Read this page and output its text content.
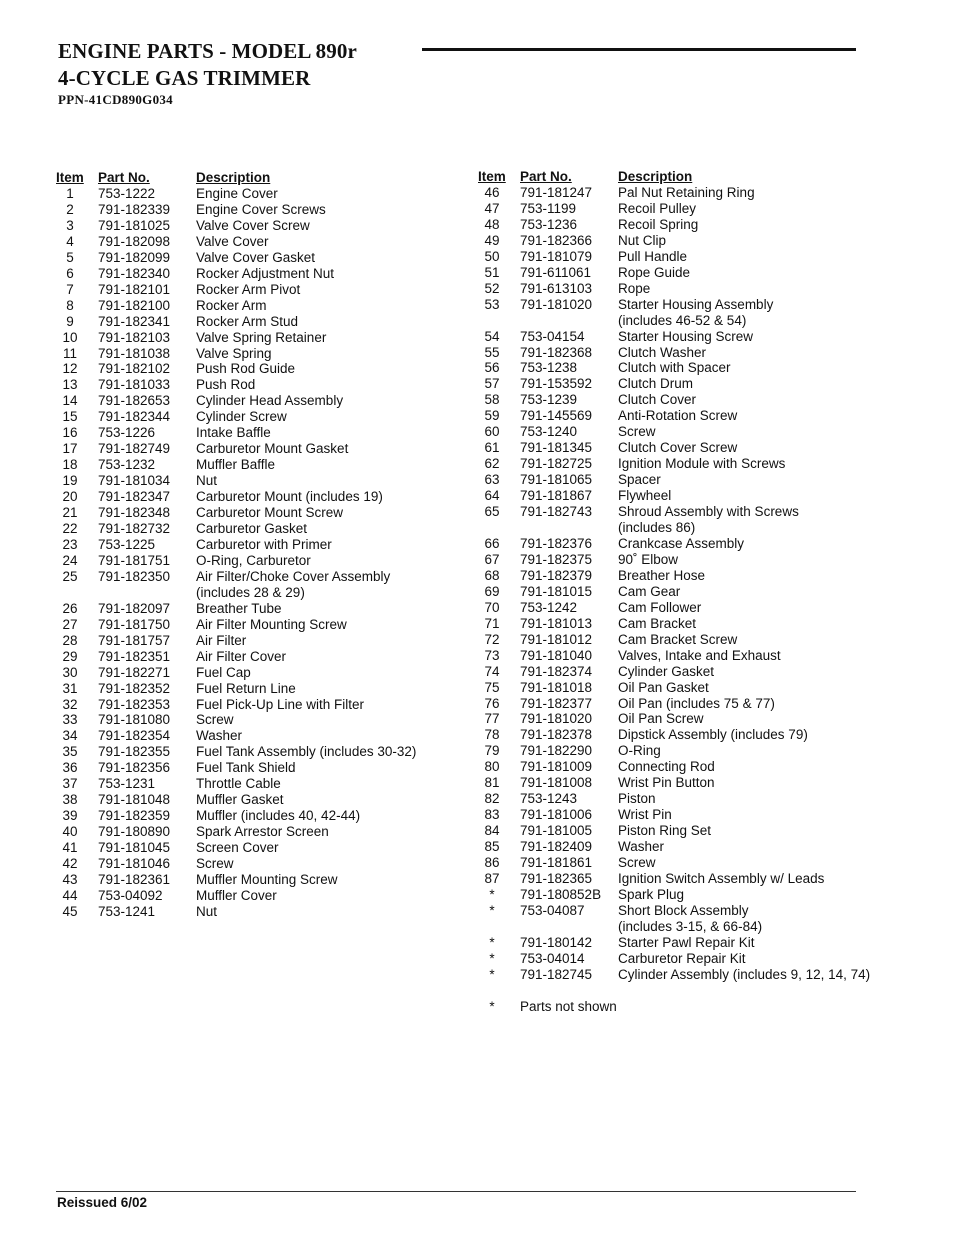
ENGINE PARTS - MODEL 890r
4-CYCLE GAS TRIMMER
PPN-41CD890G034
Item Part No.	Description
1	753-1222	Engine Cover
2	791-182339	Engine Cover Screws
3	791-181025	Valve Cover Screw
4	791-182098	Valve Cover
5	791-182099	Valve Cover Gasket
6	791-182340	Rocker Adjustment Nut
7	791-182101	Rocker Arm Pivot
8	791-182100	Rocker Arm
9	791-182341	Rocker Arm Stud
10	791-182103	Valve Spring Retainer
11	791-181038	Valve Spring
12	791-182102	Push Rod Guide
13	791-181033	Push Rod
14	791-182653	Cylinder Head Assembly
15	791-182344	Cylinder Screw
16	753-1226	Intake Baffle
17	791-182749	Carburetor Mount Gasket
18	753-1232	Muffler Baffle
19	791-181034	Nut
20	791-182347	Carburetor Mount (includes 19)
21	791-182348	Carburetor Mount Screw
22	791-182732	Carburetor Gasket
23	753-1225	Carburetor with Primer
24	791-181751	O-Ring, Carburetor
25	791-182350	Air Filter/Choke Cover Assembly
(includes 28 & 29)
26	791-182097	Breather Tube
27	791-181750	Air Filter Mounting Screw
28	791-181757	Air Filter
29	791-182351	Air Filter Cover
30	791-182271	Fuel Cap
31	791-182352	Fuel Return Line
32	791-182353	Fuel Pick-Up Line with Filter
33	791-181080	Screw
34	791-182354	Washer
35	791-182355	Fuel Tank Assembly (includes 30-32)
36	791-182356	Fuel Tank Shield
37	753-1231	Throttle Cable
38	791-181048	Muffler Gasket
39	791-182359	Muffler (includes 40, 42-44)
40	791-180890	Spark Arrestor Screen
41	791-181045	Screen Cover
42	791-181046	Screw
43	791-182361	Muffler Mounting Screw
44	753-04092	Muffler Cover
45	753-1241	Nut
Item Part No.	Description
46	791-181247	Pal Nut Retaining Ring
47	753-1199	Recoil Pulley
48	753-1236	Recoil Spring
49	791-182366	Nut Clip
50	791-181079	Pull Handle
51	791-611061	Rope Guide
52	791-613103	Rope
53	791-181020	Starter Housing Assembly
(includes 46-52 & 54)
54	753-04154	Starter Housing Screw
55	791-182368	Clutch Washer
56	753-1238	Clutch with Spacer
57	791-153592	Clutch Drum
58	753-1239	Clutch Cover
59	791-145569	Anti-Rotation Screw
60	753-1240	Screw
61	791-181345	Clutch Cover Screw
62	791-182725	Ignition Module with Screws
63	791-181065	Spacer
64	791-181867	Flywheel
65	791-182743	Shroud Assembly with Screws
(includes 86)
66	791-182376	Crankcase Assembly
67	791-182375	90˚ Elbow
68	791-182379	Breather Hose
69	791-181015	Cam Gear
70	753-1242	Cam Follower
71	791-181013	Cam Bracket
72	791-181012	Cam Bracket Screw
73	791-181040	Valves, Intake and Exhaust
74	791-182374	Cylinder Gasket
75	791-181018	Oil Pan Gasket
76	791-182377	Oil Pan (includes 75 & 77)
77	791-181020	Oil Pan Screw
78	791-182378	Dipstick Assembly (includes 79)
79	791-182290	O-Ring
80	791-181009	Connecting Rod
81	791-181008	Wrist Pin Button
82	753-1243	Piston
83	791-181006	Wrist Pin
84	791-181005	Piston Ring Set
85	791-182409	Washer
86	791-181861	Screw
87	791-182365	Ignition Switch Assembly w/ Leads
*	791-180852B	Spark Plug
*	753-04087	Short Block Assembly
(includes 3-15, & 66-84)
*	791-180142	Starter Pawl Repair Kit
*	753-04014	Carburetor Repair Kit
*	791-182745	Cylinder Assembly (includes 9, 12, 14, 74)
*	Parts not shown
Reissued 6/02
